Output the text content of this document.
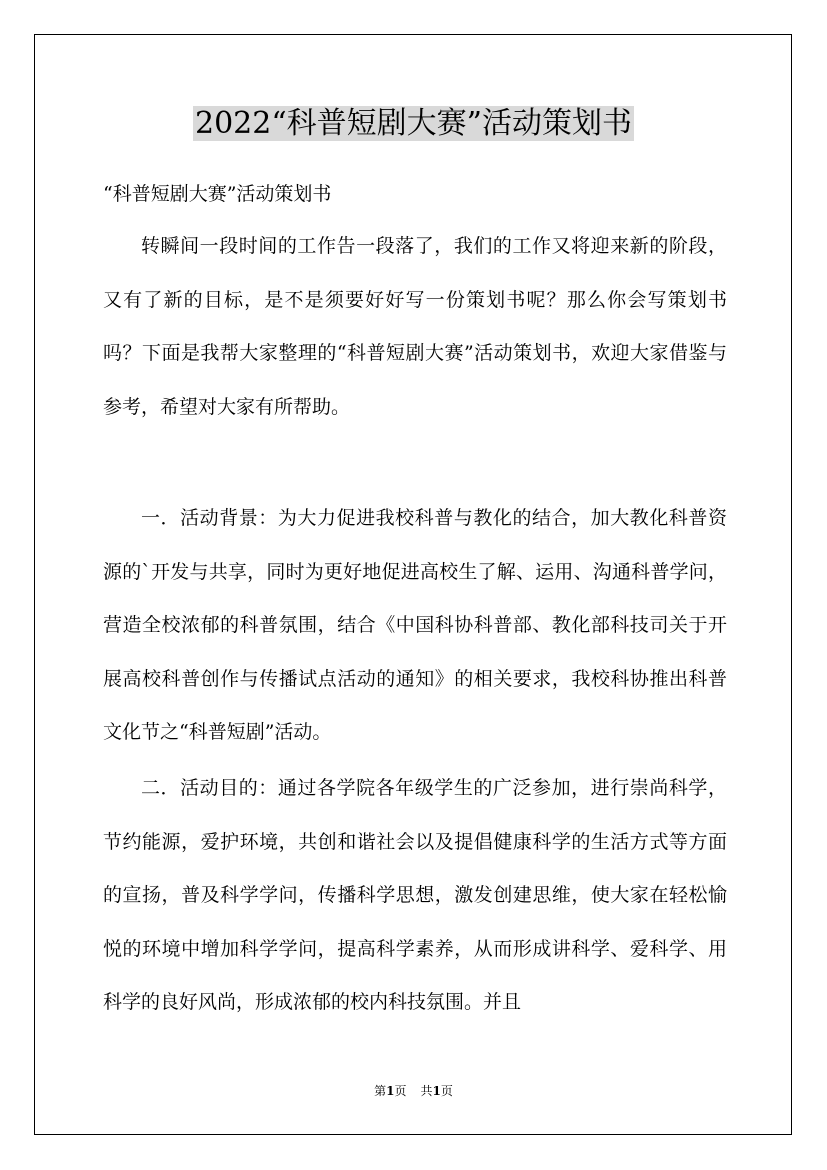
2022“科普短剧大赛”活动策划书
“科普短剧大赛”活动策划书

转瞬间一段时间的工作告一段落了，我们的工作又将迎来新的阶段，又有了新的目标，是不是须要好好写一份策划书呢？那么你会写策划书吗？下面是我帮大家整理的“科普短剧大赛”活动策划书，欢迎大家借鉴与参考，希望对大家有所帮助。

一．活动背景：为大力促进我校科普与教化的结合，加大教化科普资源的`开发与共享，同时为更好地促进高校生了解、运用、沟通科普学问，营造全校浓郁的科普氛围，结合《中国科协科普部、教化部科技司关于开展高校科普创作与传播试点活动的通知》的相关要求，我校科协推出科普文化节之“科普短剧”活动。

二．活动目的：通过各学院各年级学生的广泛参加，进行崇尚科学，节约能源，爱护环境，共创和谐社会以及提倡健康科学的生活方式等方面的宣扬，普及科学学问，传播科学思想，激发创建思维，使大家在轻松愉悦的环境中增加科学学问，提高科学素养，从而形成讲科学、爱科学、用科学的良好风尚，形成浓郁的校内科技氛围。并且

第1页 共1页
